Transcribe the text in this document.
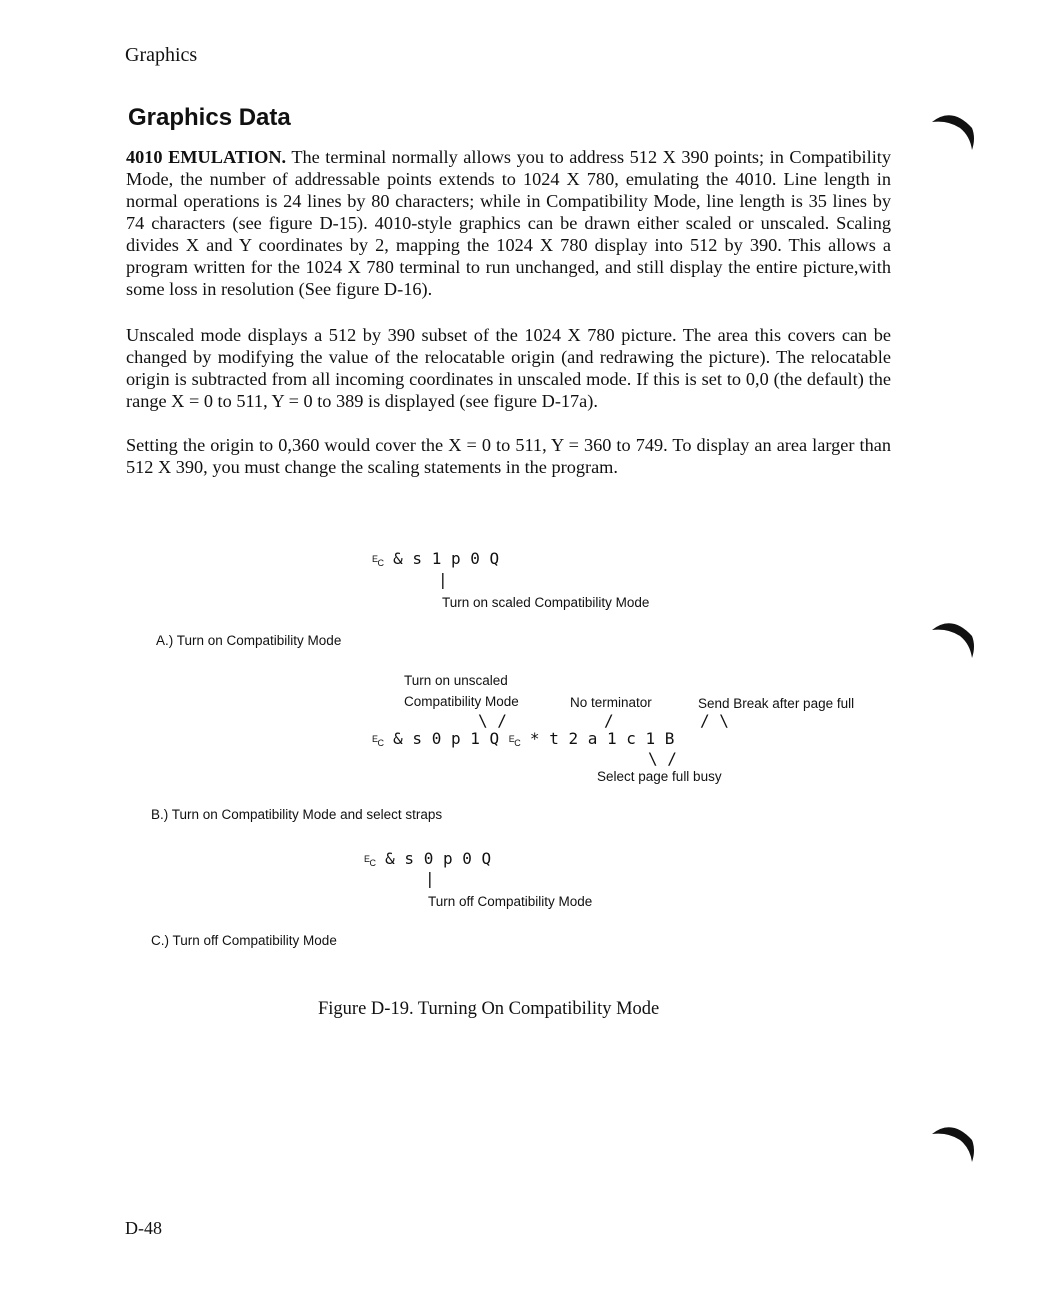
Graphics
Graphics Data

4010 EMULATION. The terminal normally allows you to address 512 X 390 points; in Compatibility Mode, the number of addressable points extends to 1024 X 780, emulating the 4010. Line length in normal operations is 24 lines by 80 characters; while in Compatibility Mode, line length is 35 lines by 74 characters (see figure D-15). 4010-style graphics can be drawn either scaled or unscaled. Scaling divides X and Y coordinates by 2, mapping the 1024 X 780 display into 512 by 390. This allows a program written for the 1024 X 780 terminal to run unchanged, and still display the entire picture,with some loss in resolution (See figure D-16).

Unscaled mode displays a 512 by 390 subset of the 1024 X 780 picture. The area this covers can be changed by modifying the value of the relocatable origin (and redrawing the picture). The relocatable origin is subtracted from all incoming coordinates in unscaled mode. If this is set to 0,0 (the default) the range X = 0 to 511, Y = 0 to 389 is displayed (see figure D-17a).

Setting the origin to 0,360 would cover the X = 0 to 511, Y = 360 to 749. To display an area larger than 512 X 390, you must change the scaling statements in the program.

$E_C$ & s 1 p 0 Q
|
Turn on scaled Compatibility Mode
A.) Turn on Compatibility Mode
Turn on unscaled
Compatibility Mode	No terminator	Send Break after page full
\ /	/	/ \
$E_C$ & s 0 p 1 Q $E_C$ * t 2 a 1 c 1 B
\ /
Select page full busy
B.) Turn on Compatibility Mode and select straps
$E_C$ & s 0 p 0 Q
|
Turn off Compatibility Mode
C.) Turn off Compatibility Mode
Figure D-19. Turning On Compatibility Mode
D-48
